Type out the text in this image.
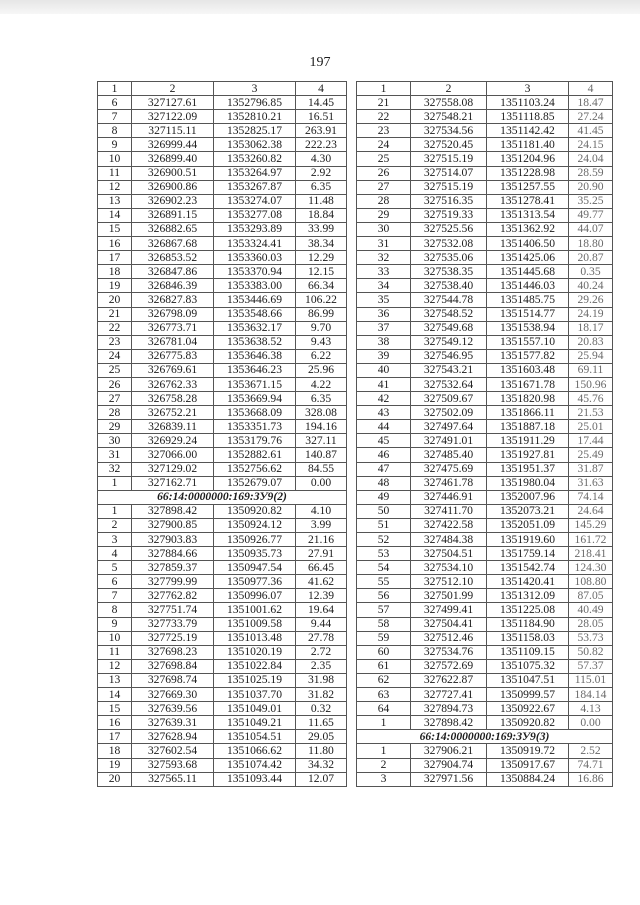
197
1	2	3	4
6	327127.61	1352796.85	14.45
7	327122.09	1352810.21	16.51
8	327115.11	1352825.17	263.91
9	326999.44	1353062.38	222.23
10	326899.40	1353260.82	4.30
11	326900.51	1353264.97	2.92
12	326900.86	1353267.87	6.35
13	326902.23	1353274.07	11.48
14	326891.15	1353277.08	18.84
15	326882.65	1353293.89	33.99
16	326867.68	1353324.41	38.34
17	326853.52	1353360.03	12.29
18	326847.86	1353370.94	12.15
19	326846.39	1353383.00	66.34
20	326827.83	1353446.69	106.22
21	326798.09	1353548.66	86.99
22	326773.71	1353632.17	9.70
23	326781.04	1353638.52	9.43
24	326775.83	1353646.38	6.22
25	326769.61	1353646.23	25.96
26	326762.33	1353671.15	4.22
27	326758.28	1353669.94	6.35
28	326752.21	1353668.09	328.08
29	326839.11	1353351.73	194.16
30	326929.24	1353179.76	327.11
31	327066.00	1352882.61	140.87
32	327129.02	1352756.62	84.55
1	327162.71	1352679.07	0.00
66:14:0000000:169:ЗУ9(2)			
1	327898.42	1350920.82	4.10
2	327900.85	1350924.12	3.99
3	327903.83	1350926.77	21.16
4	327884.66	1350935.73	27.91
5	327859.37	1350947.54	66.45
6	327799.99	1350977.36	41.62
7	327762.82	1350996.07	12.39
8	327751.74	1351001.62	19.64
9	327733.79	1351009.58	9.44
10	327725.19	1351013.48	27.78
11	327698.23	1351020.19	2.72
12	327698.84	1351022.84	2.35
13	327698.74	1351025.19	31.98
14	327669.30	1351037.70	31.82
15	327639.56	1351049.01	0.32
16	327639.31	1351049.21	11.65
17	327628.94	1351054.51	29.05
18	327602.54	1351066.62	11.80
19	327593.68	1351074.42	34.32
20	327565.11	1351093.44	12.07
1	2	3	4
21	327558.08	1351103.24	18.47
22	327548.21	1351118.85	27.24
23	327534.56	1351142.42	41.45
24	327520.45	1351181.40	24.15
25	327515.19	1351204.96	24.04
26	327514.07	1351228.98	28.59
27	327515.19	1351257.55	20.90
28	327516.35	1351278.41	35.25
29	327519.33	1351313.54	49.77
30	327525.56	1351362.92	44.07
31	327532.08	1351406.50	18.80
32	327535.06	1351425.06	20.87
33	327538.35	1351445.68	0.35
34	327538.40	1351446.03	40.24
35	327544.78	1351485.75	29.26
36	327548.52	1351514.77	24.19
37	327549.68	1351538.94	18.17
38	327549.12	1351557.10	20.83
39	327546.95	1351577.82	25.94
40	327543.21	1351603.48	69.11
41	327532.64	1351671.78	150.96
42	327509.67	1351820.98	45.76
43	327502.09	1351866.11	21.53
44	327497.64	1351887.18	25.01
45	327491.01	1351911.29	17.44
46	327485.40	1351927.81	25.49
47	327475.69	1351951.37	31.87
48	327461.78	1351980.04	31.63
49	327446.91	1352007.96	74.14
50	327411.70	1352073.21	24.64
51	327422.58	1352051.09	145.29
52	327484.38	1351919.60	161.72
53	327504.51	1351759.14	218.41
54	327534.10	1351542.74	124.30
55	327512.10	1351420.41	108.80
56	327501.99	1351312.09	87.05
57	327499.41	1351225.08	40.49
58	327504.41	1351184.90	28.05
59	327512.46	1351158.03	53.73
60	327534.76	1351109.15	50.82
61	327572.69	1351075.32	57.37
62	327622.87	1351047.51	115.01
63	327727.41	1350999.57	184.14
64	327894.73	1350922.67	4.13
1	327898.42	1350920.82	0.00
66:14:0000000:169:ЗУ9(3)			
1	327906.21	1350919.72	2.52
2	327904.74	1350917.67	74.71
3	327971.56	1350884.24	16.86
